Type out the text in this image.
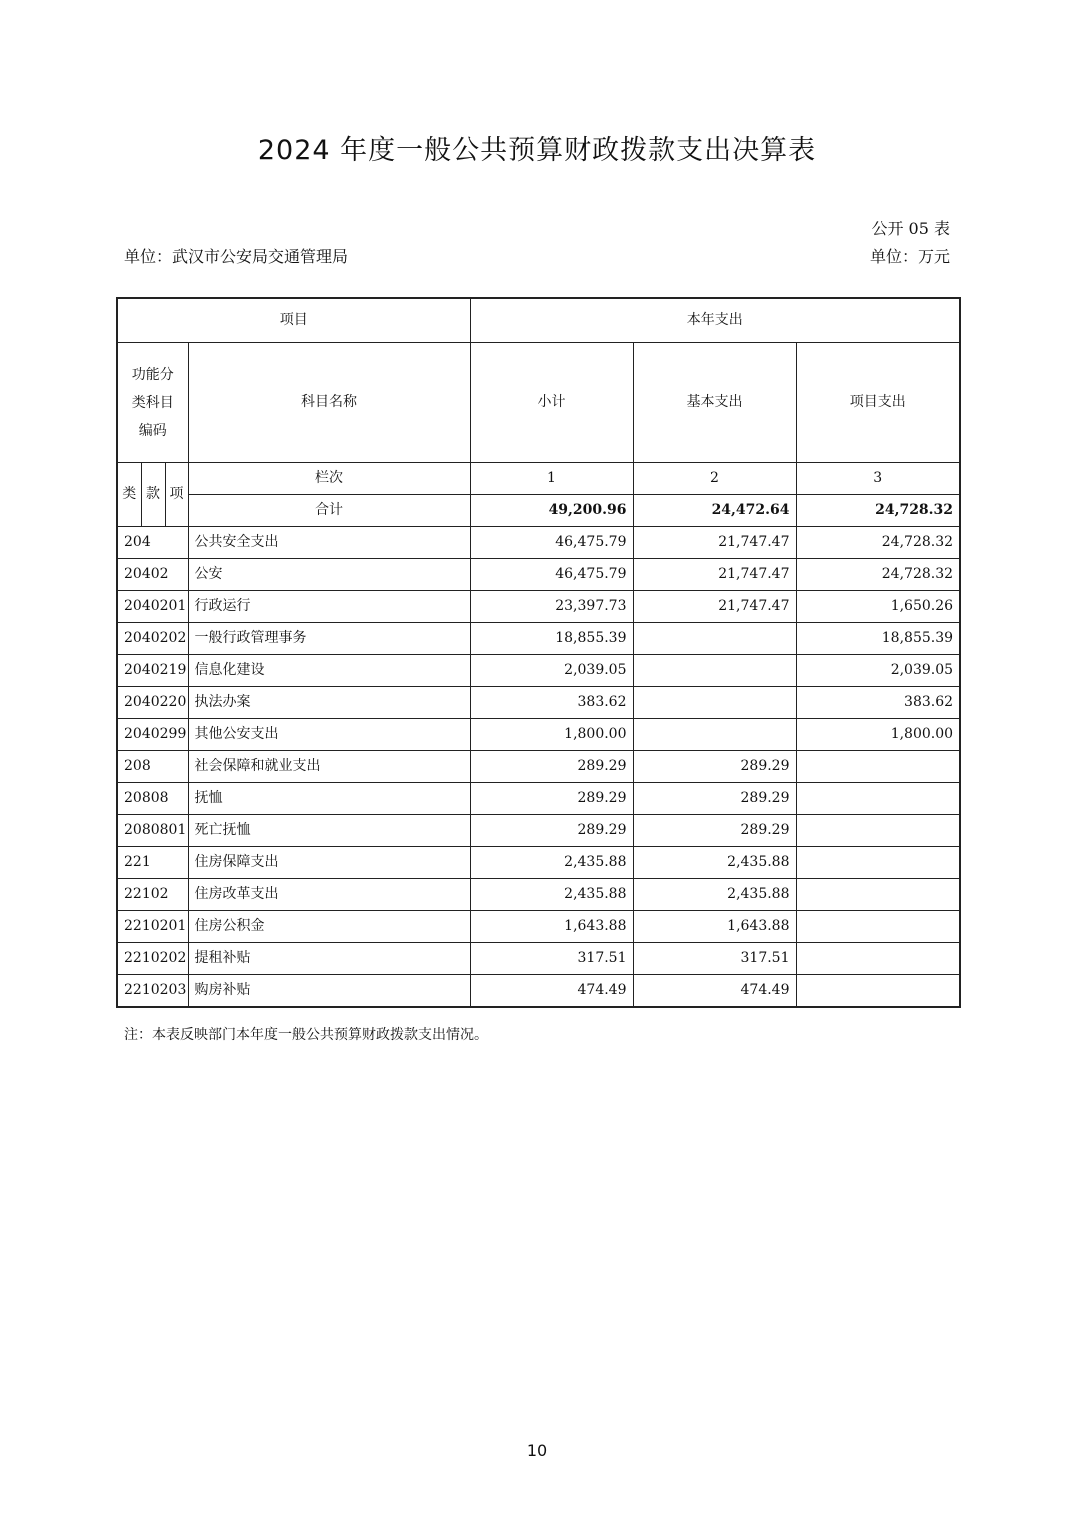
2024 年度一般公共预算财政拨款支出决算表
公开 05 表
单位：武汉市公安局交通管理局	单位：万元
项目				本年支出		

功能分
类科目
编码			科目名称	小计	基本支出	项目支出
类	款	项	栏次	1	2	3
			合计	49,200.96	24,472.64	24,728.32
204			公共安全支出	46,475.79	21,747.47	24,728.32
20402			公安	46,475.79	21,747.47	24,728.32
2040201			行政运行	23,397.73	21,747.47	1,650.26
2040202			一般行政管理事务	18,855.39		18,855.39
2040219			信息化建设	2,039.05		2,039.05
2040220			执法办案	383.62		383.62
2040299			其他公安支出	1,800.00		1,800.00
208			社会保障和就业支出	289.29	289.29	
20808			抚恤	289.29	289.29	
2080801			死亡抚恤	289.29	289.29	
221			住房保障支出	2,435.88	2,435.88	
22102			住房改革支出	2,435.88	2,435.88	
2210201			住房公积金	1,643.88	1,643.88	
2210202			提租补贴	317.51	317.51	
2210203			购房补贴	474.49	474.49	
注：本表反映部门本年度一般公共预算财政拨款支出情况。
10
